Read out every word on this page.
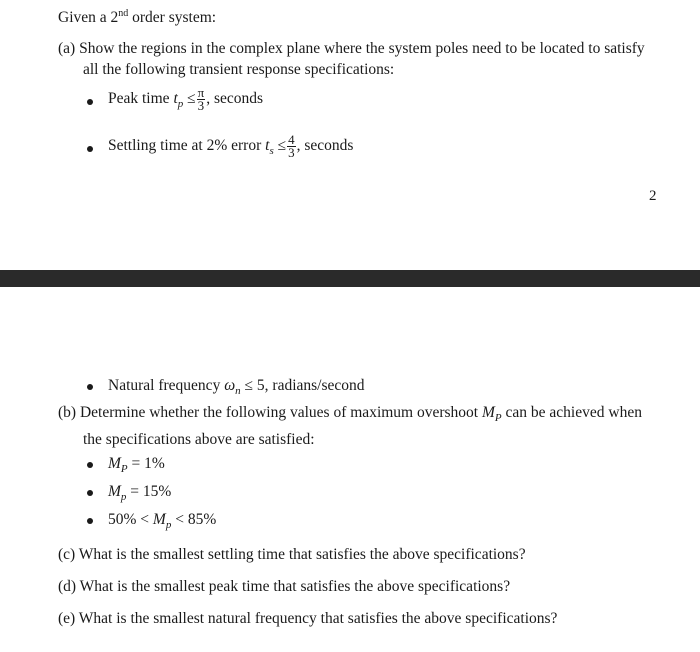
Given a 2nd order system:
(a) Show the regions in the complex plane where the system poles need to be located to satisfy
all the following transient response specifications:
Peak time $t_p \le \frac{\pi}{3}$ , seconds
Settling time at 2% error $t_s \le \frac{4}{3}$ , seconds
2
Natural frequency $\omega_n \le 5$, radians/second
(b) Determine whether the following values of maximum overshoot $M_P$ can be achieved when
the specifications above are satisfied:
$M_P = 1\%$
$M_p = 15\%$
$50\% < M_p < 85\%$
(c) What is the smallest settling time that satisfies the above specifications?
(d) What is the smallest peak time that satisfies the above specifications?
(e) What is the smallest natural frequency that satisfies the above specifications?
